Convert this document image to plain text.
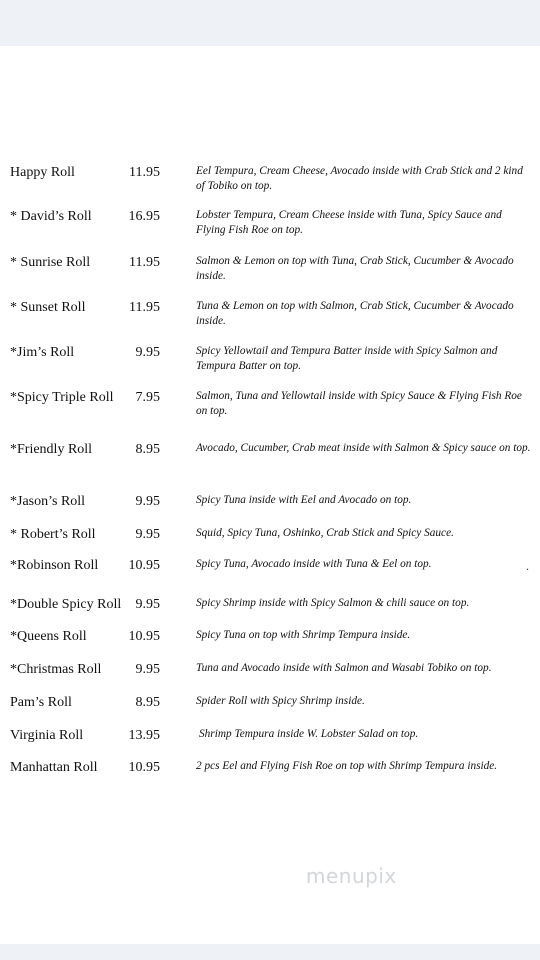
Happy Roll	11.95	Eel Tempura, Cream Cheese, Avocado inside with Crab Stick and 2 kind of Tobiko on top.
* David’s Roll	16.95	Lobster Tempura, Cream Cheese inside with Tuna, Spicy Sauce and Flying Fish Roe on top.
* Sunrise Roll	11.95	Salmon & Lemon on top with Tuna, Crab Stick, Cucumber & Avocado inside.
* Sunset Roll	11.95	Tuna & Lemon on top with Salmon, Crab Stick, Cucumber & Avocado inside.
*Jim’s Roll	9.95	Spicy Yellowtail and Tempura Batter inside with Spicy Salmon and Tempura Batter on top.
*Spicy Triple Roll	7.95	Salmon, Tuna and Yellowtail inside with Spicy Sauce & Flying Fish Roe on top.
*Friendly Roll	8.95	Avocado, Cucumber, Crab meat inside with Salmon & Spicy sauce on top.
*Jason’s Roll	9.95	Spicy Tuna inside with Eel and Avocado on top.
* Robert’s Roll	9.95	Squid, Spicy Tuna, Oshinko, Crab Stick and Spicy Sauce.
*Robinson Roll	10.95	Spicy Tuna, Avocado inside with Tuna & Eel on top.
*Double Spicy Roll	9.95	Spicy Shrimp inside with Spicy Salmon & chili sauce on top.
*Queens Roll	10.95	Spicy Tuna on top with Shrimp Tempura inside.
*Christmas Roll	9.95	Tuna and Avocado inside with Salmon and Wasabi Tobiko on top.
Pam’s Roll	8.95	Spider Roll with Spicy Shrimp inside.
Virginia Roll	13.95	Shrimp Tempura inside W. Lobster Salad on top.
Manhattan Roll	10.95	2 pcs Eel and Flying Fish Roe on top with Shrimp Tempura inside.
.
menupix
